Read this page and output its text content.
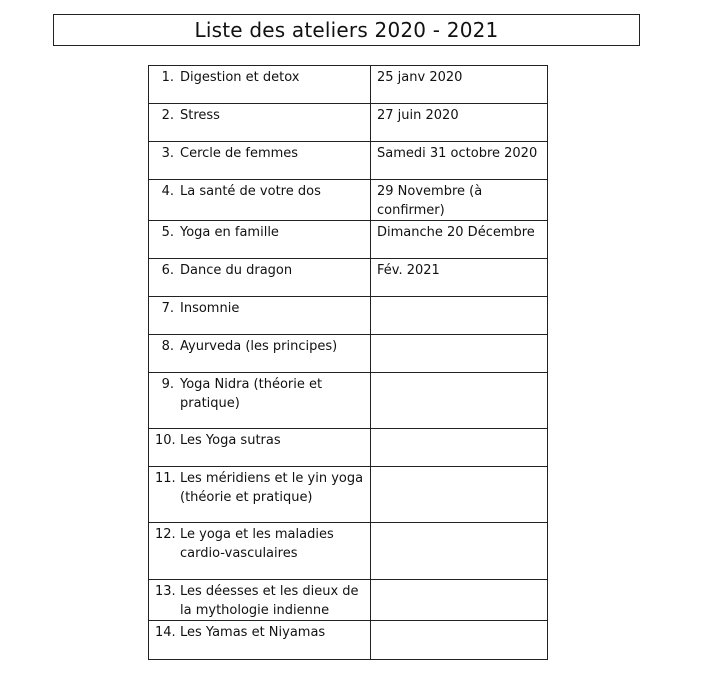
Liste des ateliers 2020 - 2021
1. Digestion et detox	25 janv 2020

2. Stress	27 juin 2020

3. Cercle de femmes	Samedi 31 octobre 2020

4. La santé de votre dos	29 Novembre (à confirmer)

5. Yoga en famille	Dimanche 20 Décembre

6. Dance du dragon	Fév. 2021

7. Insomnie	

8. Ayurveda (les principes)	

9. Yoga Nidra (théorie et pratique)	

10. Les Yoga sutras	

11. Les méridiens et le yin yoga (théorie et pratique)	

12. Le yoga et les maladies cardio-vasculaires	

13. Les déesses et les dieux de la mythologie indienne	

14. Les Yamas et Niyamas	
